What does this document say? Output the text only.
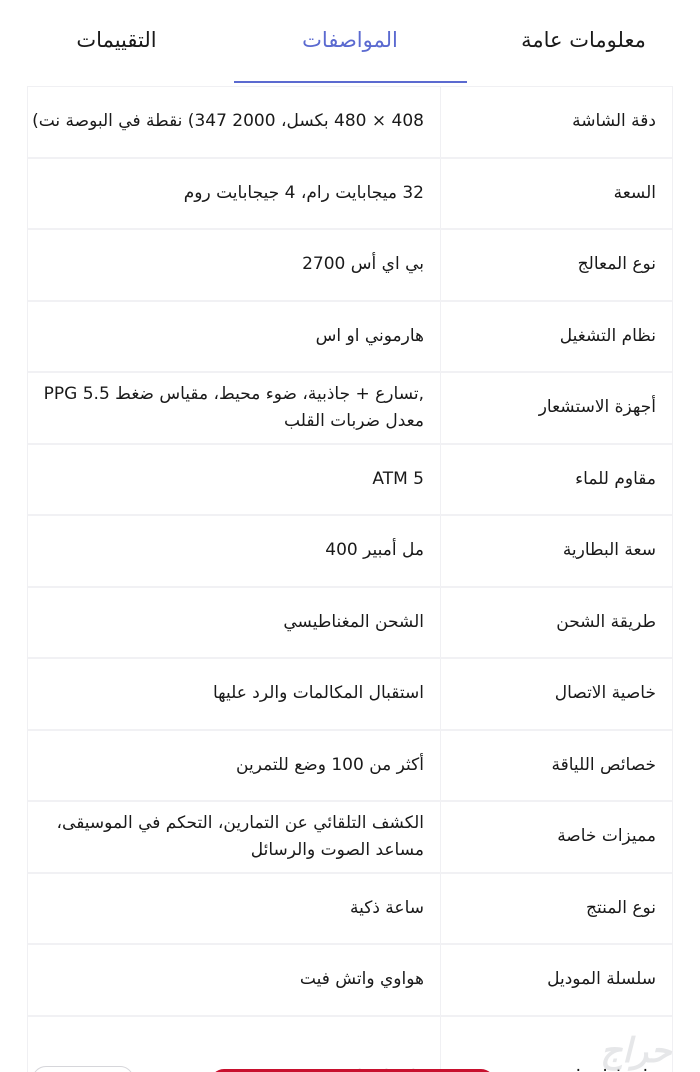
معلومات عامة
المواصفات
التقييمات
دقة الشاشة
408 × 480 بكسل، 2000 347) نقطة في البوصة نت)
السعة
32 ميجابايت رام، 4 جيجابايت روم
نوع المعالج
بي اي أس 2700
نظام التشغيل
هارموني او اس
أجهزة الاستشعار
,تسارع + جاذبية، ضوء محيط، مقياس ضغط PPG 5.5 معدل ضربات القلب
مقاوم للماء
ATM 5
سعة البطارية
مل أمبير 400
طريقة الشحن
الشحن المغناطيسي
خاصية الاتصال
استقبال المكالمات والرد عليها
خصائص اللياقة
أكثر من 100 وضع للتمرين
مميزات خاصة
الكشف التلقائي عن التمارين، التحكم في الموسيقى، مساعد الصوت والرسائل
نوع المنتج
ساعة ذكية
سلسلة الموديل
هواوي واتش فيت
حراج
